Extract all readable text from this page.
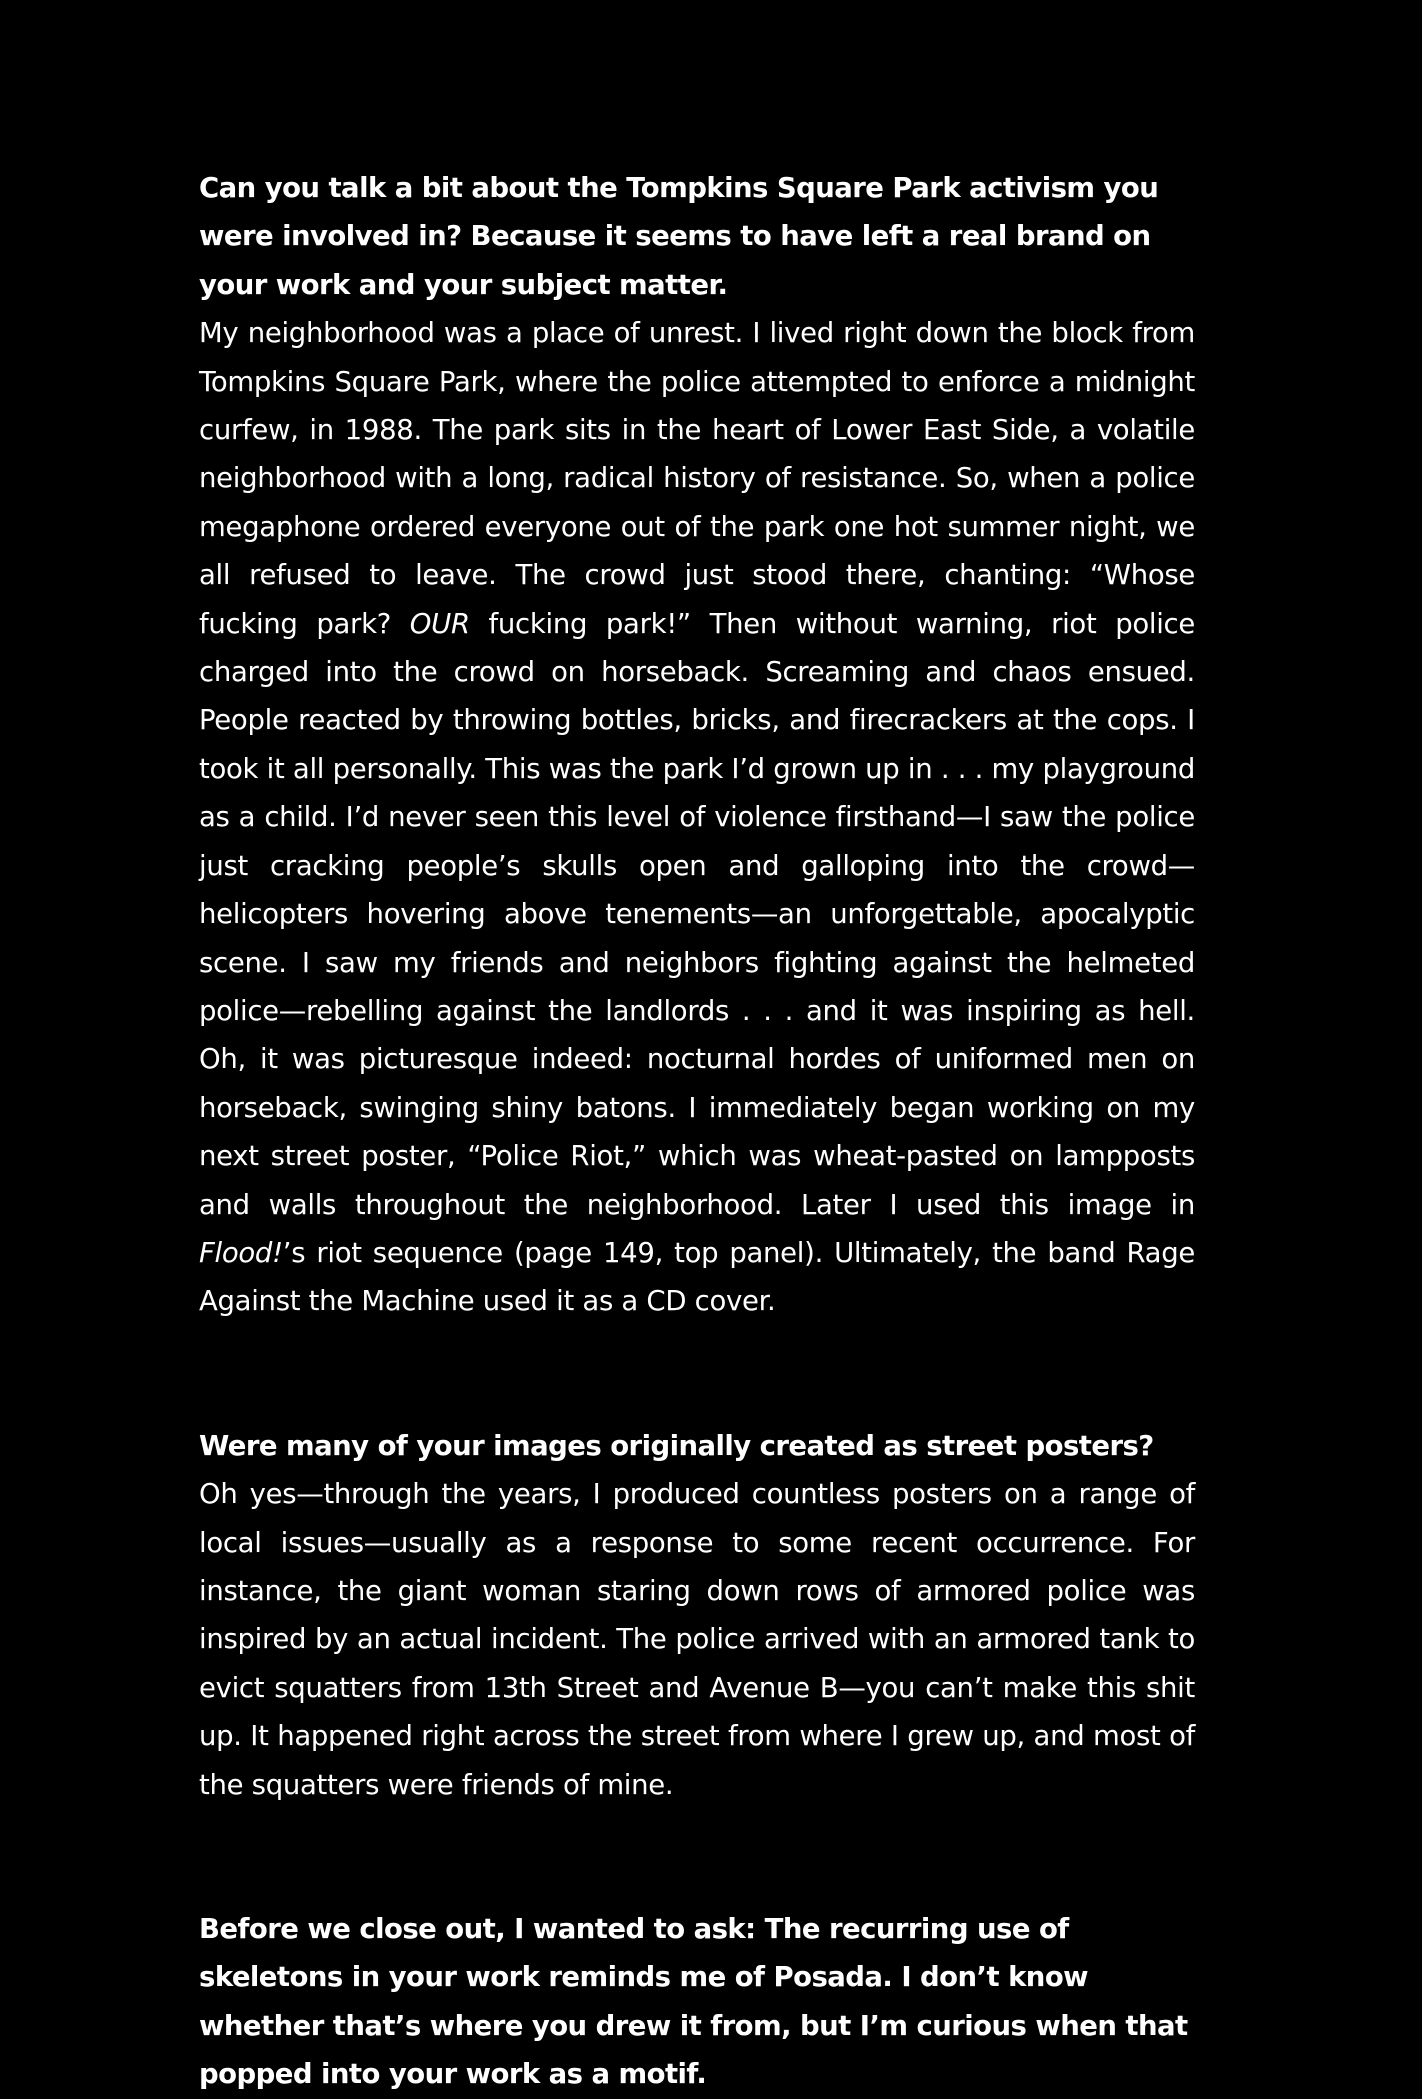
Can you talk a bit about the Tompkins Square Park activism you were involved in? Because it seems to have left a real brand on your work and your subject matter.

My neighborhood was a place of unrest. I lived right down the block from Tompkins Square Park, where the police attempted to enforce a midnight curfew, in 1988. The park sits in the heart of Lower East Side, a volatile neighborhood with a long, radical history of resistance. So, when a police megaphone ordered everyone out of the park one hot summer night, we all refused to leave. The crowd just stood there, chanting: “Whose fucking park? OUR fucking park!” Then without warning, riot police charged into the crowd on horseback. Screaming and chaos ensued. People reacted by throwing bottles, bricks, and firecrackers at the cops. I took it all personally. This was the park I’d grown up in . . . my playground as a child. I’d never seen this level of violence firsthand—I saw the police just cracking people’s skulls open and galloping into the crowd—helicopters hovering above tenements—an unforgettable, apocalyptic scene. I saw my friends and neighbors fighting against the helmeted police—rebelling against the landlords . . . and it was inspiring as hell. Oh, it was picturesque indeed: nocturnal hordes of uniformed men on horseback, swinging shiny batons. I immediately began working on my next street poster, “Police Riot,” which was wheat-pasted on lampposts and walls throughout the neighborhood. Later I used this image in Flood!’s riot sequence (page 149, top panel). Ultimately, the band Rage Against the Machine used it as a CD cover.

Were many of your images originally created as street posters?

Oh yes—through the years, I produced countless posters on a range of local issues—usually as a response to some recent occurrence. For instance, the giant woman staring down rows of armored police was inspired by an actual incident. The police arrived with an armored tank to evict squatters from 13th Street and Avenue B—you can’t make this shit up. It happened right across the street from where I grew up, and most of the squatters were friends of mine.

Before we close out, I wanted to ask: The recurring use of skeletons in your work reminds me of Posada. I don’t know whether that’s where you drew it from, but I’m curious when that popped into your work as a motif.
